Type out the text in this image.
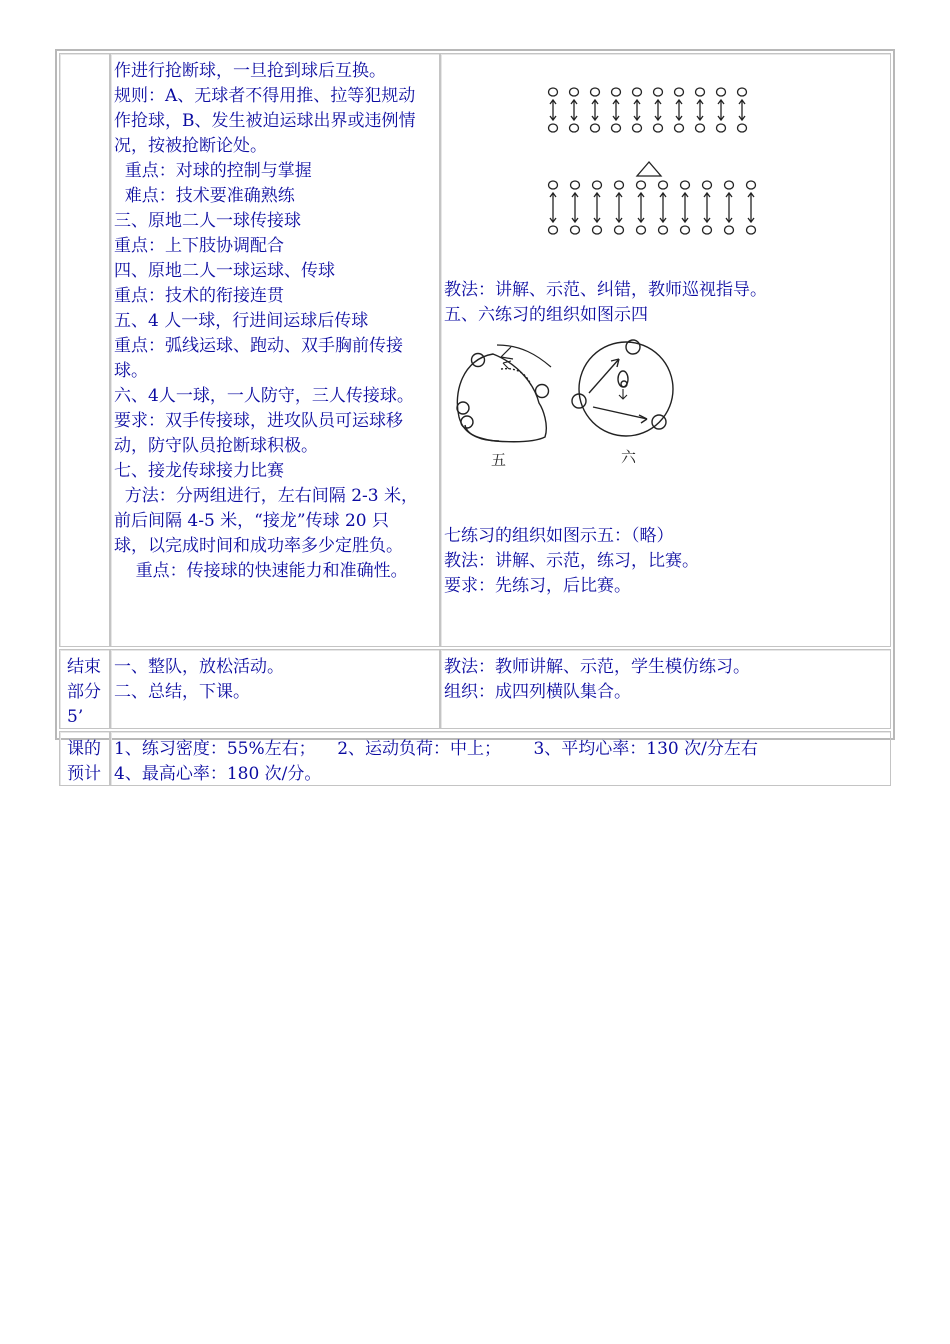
作进行抢断球，一旦抢到球后互换。
规则：A、无球者不得用推、拉等犯规动
作抢球，B、发生被迫运球出界或违例情
况，按被抢断论处。
重点：对球的控制与掌握
难点：技术要准确熟练
三、原地二人一球传接球
重点：上下肢协调配合
四、原地二人一球运球、传球
重点：技术的衔接连贯
五、4 人一球，行进间运球后传球
重点：弧线运球、跑动、双手胸前传接
球。
六、4人一球，一人防守，三人传接球。
要求：双手传接球，进攻队员可运球移
动，防守队员抢断球积极。
七、接龙传球接力比赛
方法：分两组进行，左右间隔 2-3 米，
前后间隔 4-5 米，“接龙”传球 20 只
球，以完成时间和成功率多少定胜负。
重点：传接球的快速能力和准确性。
教法：讲解、示范、纠错，教师巡视指导。
五、六练习的组织如图示四
五	六
七练习的组织如图示五：（略）
教法：讲解、示范，练习，比赛。
要求：先练习，后比赛。
结束
部分
5’
一、整队，放松活动。
二、总结，下课。
教法：教师讲解、示范，学生模仿练习。
组织：成四列横队集合。
课的
预计
1、练习密度：55%左右；    2、运动负荷：中上；      3、平均心率：130 次/分左右
4、最高心率：180 次/分。
